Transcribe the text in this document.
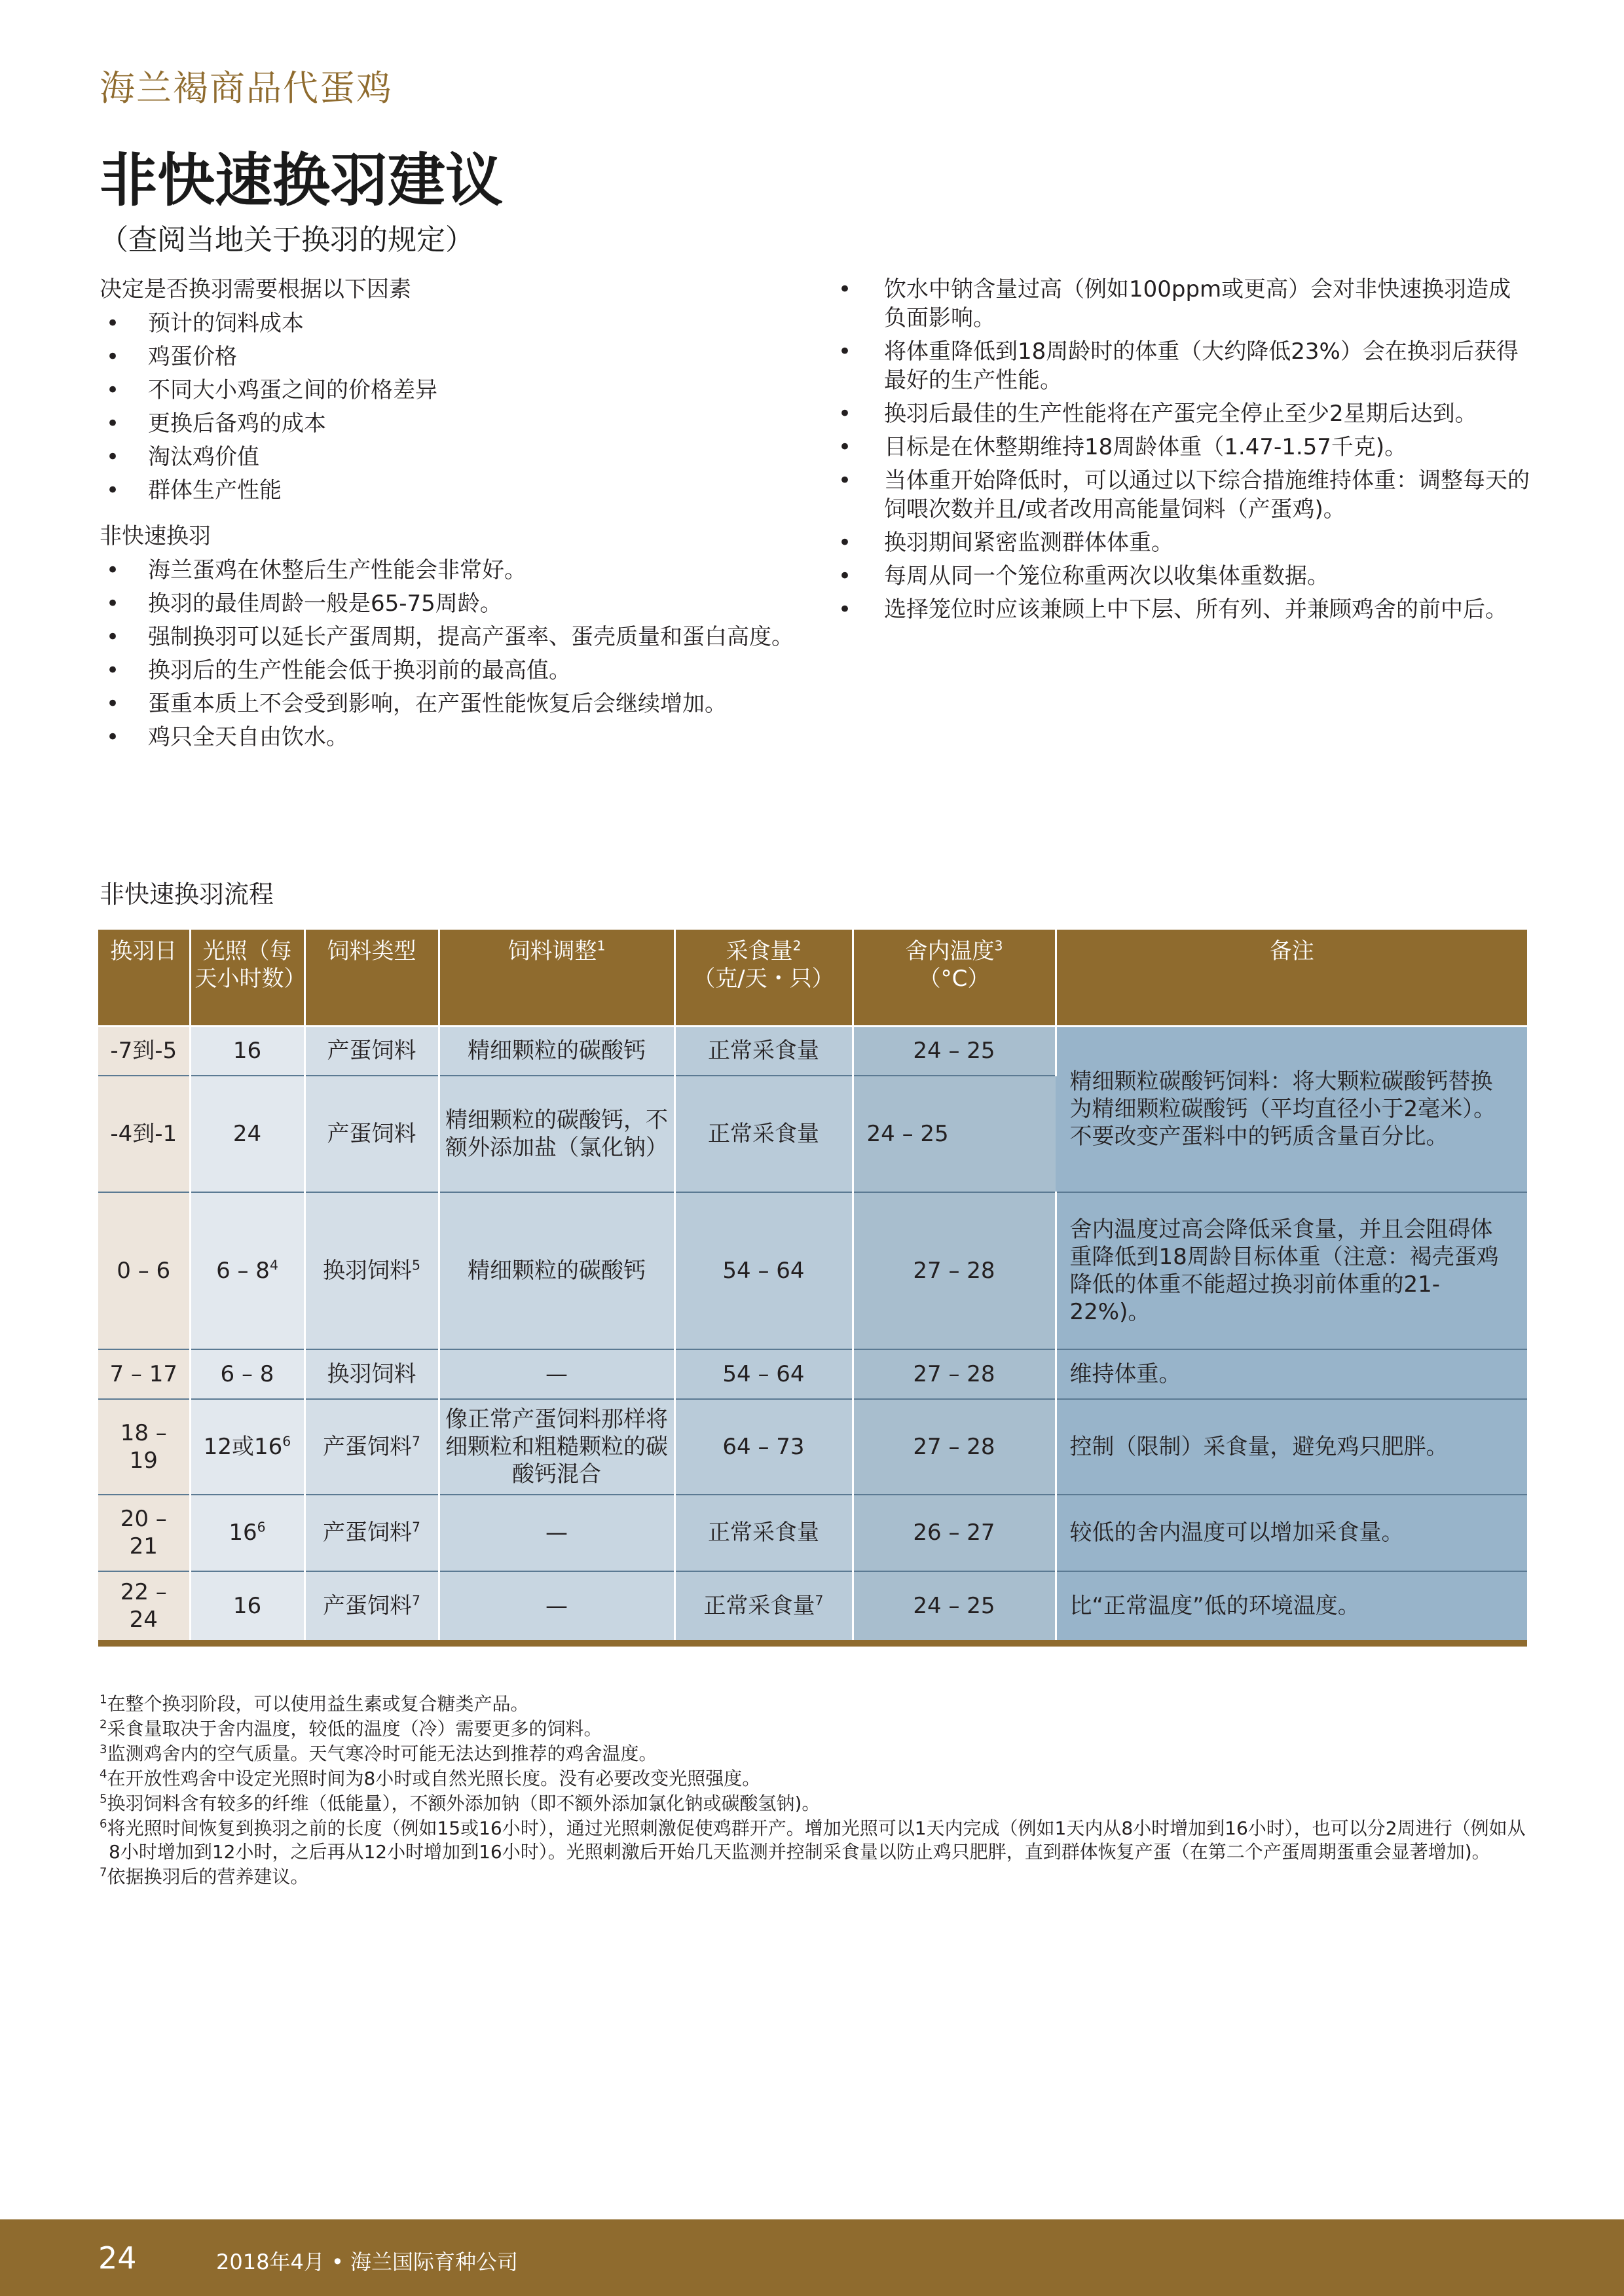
海兰褐商品代蛋鸡
非快速换羽建议
（查阅当地关于换羽的规定）

决定是否换羽需要根据以下因素

• 预计的饲料成本
• 鸡蛋价格
• 不同大小鸡蛋之间的价格差异
• 更换后备鸡的成本
• 淘汰鸡价值
• 群体生产性能

非快速换羽

• 海兰蛋鸡在休整后生产性能会非常好。
• 换羽的最佳周龄一般是65-75周龄。
• 强制换羽可以延长产蛋周期，提高产蛋率、蛋壳质量和蛋白高度。
• 换羽后的生产性能会低于换羽前的最高值。
• 蛋重本质上不会受到影响，在产蛋性能恢复后会继续增加。
• 鸡只全天自由饮水。
• 饮水中钠含量过高（例如100ppm或更高）会对非快速换羽造成负面影响。
• 将体重降低到18周龄时的体重（大约降低23%）会在换羽后获得最好的生产性能。
• 换羽后最佳的生产性能将在产蛋完全停止至少2星期后达到。
• 目标是在休整期维持18周龄体重（1.47-1.57千克)。
• 当体重开始降低时，可以通过以下综合措施维持体重：调整每天的饲喂次数并且/或者改用高能量饲料（产蛋鸡)。
• 换羽期间紧密监测群体体重。
• 每周从同一个笼位称重两次以收集体重数据。
• 选择笼位时应该兼顾上中下层、所有列、并兼顾鸡舍的前中后。
非快速换羽流程
换羽日	光照（每天小时数）	饲料类型	饲料调整$^1$	采食量$^2$
（克/天・只）	舍内温度$^3$
（°C）	备注
-7到-5	16	产蛋饲料	精细颗粒的碳酸钙	正常采食量	24 – 25	精细颗粒碳酸钙饲料：将大颗粒碳酸钙替换为精细颗粒碳酸钙（平均直径小于2毫米）。不要改变产蛋料中的钙质含量百分比。
-4到-1	24	产蛋饲料	精细颗粒的碳酸钙，不额外添加盐（氯化钠）	正常采食量	24 – 25	
0 – 6	$6 - 8^4$	换羽饲料$^5$	精细颗粒的碳酸钙	54 – 64	27 – 28	舍内温度过高会降低采食量，并且会阻碍体重降低到18周龄目标体重（注意：褐壳蛋鸡降低的体重不能超过换羽前体重的21-22%)。
7 – 17	6 – 8	换羽饲料	—	54 – 64	27 – 28	维持体重。
18 – 19	12或$16^6$	产蛋饲料$^7$	像正常产蛋饲料那样将细颗粒和粗糙颗粒的碳酸钙混合	64 – 73	27 – 28	控制（限制）采食量，避免鸡只肥胖。
20 – 21	$16^6$	产蛋饲料$^7$	—	正常采食量	26 – 27	较低的舍内温度可以增加采食量。
22 – 24	16	产蛋饲料$^7$	—	正常采食量$^7$	24 – 25	比“正常温度”低的环境温度。

$^1$在整个换羽阶段，可以使用益生素或复合糖类产品。

$^2$采食量取决于舍内温度，较低的温度（冷）需要更多的饲料。

$^3$监测鸡舍内的空气质量。天气寒冷时可能无法达到推荐的鸡舍温度。

$^4$在开放性鸡舍中设定光照时间为8小时或自然光照长度。没有必要改变光照强度。

$^5$换羽饲料含有较多的纤维（低能量），不额外添加钠（即不额外添加氯化钠或碳酸氢钠)。

$^6$将光照时间恢复到换羽之前的长度（例如15或16小时），通过光照刺激促使鸡群开产。增加光照可以1天内完成（例如1天内从8小时增加到16小时），也可以分2周进行（例如从8小时增加到12小时，之后再从12小时增加到16小时）。光照刺激后开始几天监测并控制采食量以防止鸡只肥胖，直到群体恢复产蛋（在第二个产蛋周期蛋重会显著增加)。

$^7$依据换羽后的营养建议。

24	2018年4月 • 海兰国际育种公司
